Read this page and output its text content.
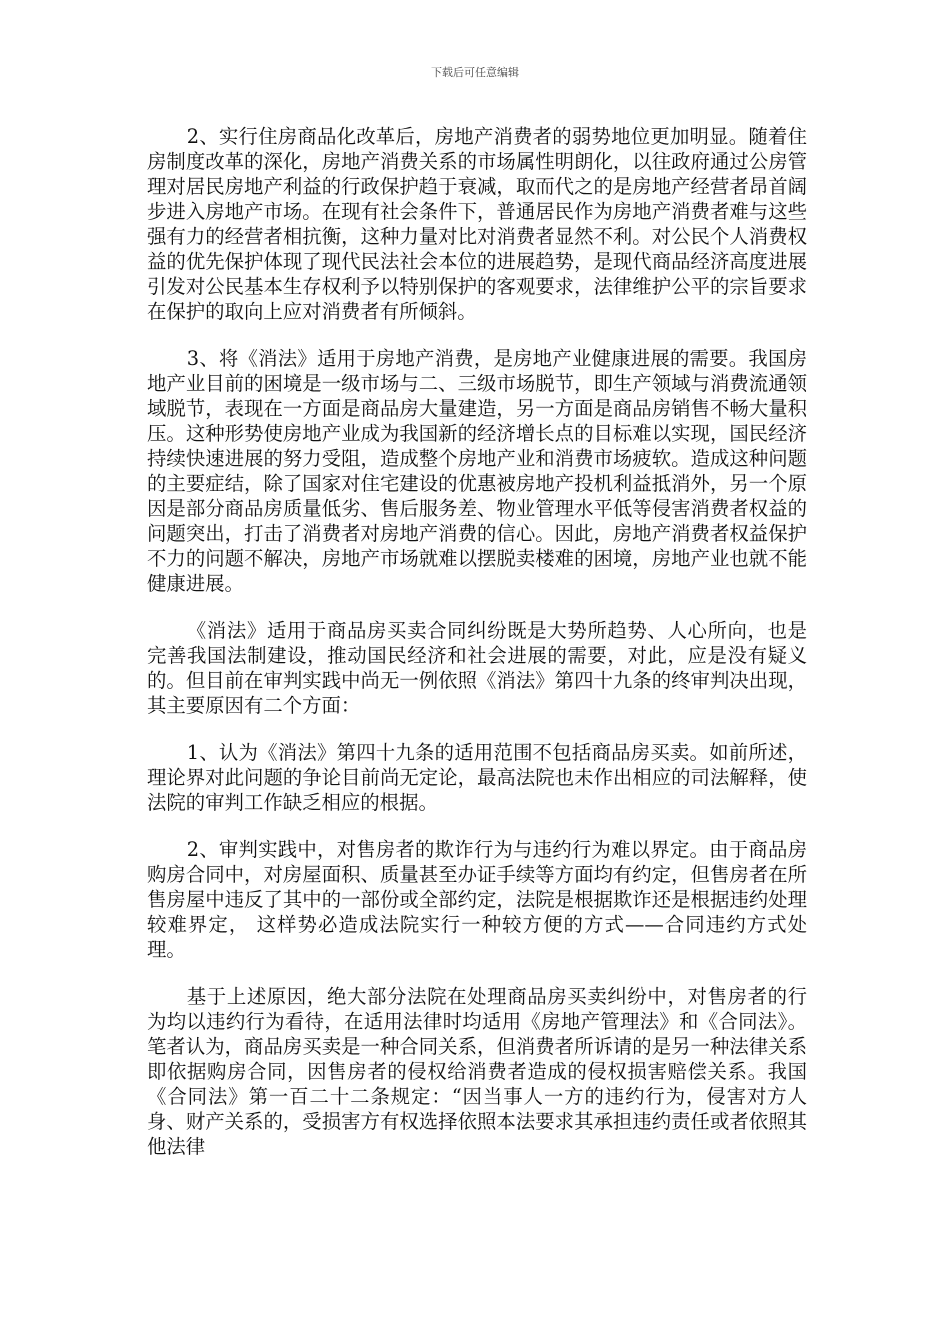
下载后可任意编辑

2、实行住房商品化改革后，房地产消费者的弱势地位更加明显。随着住房制度改革的深化，房地产消费关系的市场属性明朗化，以往政府通过公房管理对居民房地产利益的行政保护趋于衰减，取而代之的是房地产经营者昂首阔步进入房地产市场。在现有社会条件下，普通居民作为房地产消费者难与这些强有力的经营者相抗衡，这种力量对比对消费者显然不利。对公民个人消费权益的优先保护体现了现代民法社会本位的进展趋势，是现代商品经济高度进展引发对公民基本生存权利予以特别保护的客观要求，法律维护公平的宗旨要求在保护的取向上应对消费者有所倾斜。

3、将《消法》适用于房地产消费，是房地产业健康进展的需要。我国房地产业目前的困境是一级市场与二、三级市场脱节，即生产领域与消费流通领域脱节，表现在一方面是商品房大量建造，另一方面是商品房销售不畅大量积压。这种形势使房地产业成为我国新的经济增长点的目标难以实现，国民经济持续快速进展的努力受阻，造成整个房地产业和消费市场疲软。造成这种问题的主要症结，除了国家对住宅建设的优惠被房地产投机利益抵消外，另一个原因是部分商品房质量低劣、售后服务差、物业管理水平低等侵害消费者权益的问题突出，打击了消费者对房地产消费的信心。因此，房地产消费者权益保护不力的问题不解决，房地产市场就难以摆脱卖楼难的困境，房地产业也就不能健康进展。

《消法》适用于商品房买卖合同纠纷既是大势所趋势、人心所向，也是完善我国法制建设，推动国民经济和社会进展的需要，对此，应是没有疑义的。但目前在审判实践中尚无一例依照《消法》第四十九条的终审判决出现，其主要原因有二个方面：

1、认为《消法》第四十九条的适用范围不包括商品房买卖。如前所述，理论界对此问题的争论目前尚无定论，最高法院也未作出相应的司法解释，使法院的审判工作缺乏相应的根据。

2、审判实践中，对售房者的欺诈行为与违约行为难以界定。由于商品房购房合同中，对房屋面积、质量甚至办证手续等方面均有约定，但售房者在所售房屋中违反了其中的一部份或全部约定，法院是根据欺诈还是根据违约处理较难界定， 这样势必造成法院实行一种较方便的方式——合同违约方式处理。

基于上述原因，绝大部分法院在处理商品房买卖纠纷中，对售房者的行为均以违约行为看待，在适用法律时均适用《房地产管理法》和《合同法》。笔者认为，商品房买卖是一种合同关系，但消费者所诉请的是另一种法律关系即依据购房合同，因售房者的侵权给消费者造成的侵权损害赔偿关系。我国《合同法》第一百二十二条规定：“因当事人一方的违约行为，侵害对方人身、财产关系的，受损害方有权选择依照本法要求其承担违约责任或者依照其他法律
